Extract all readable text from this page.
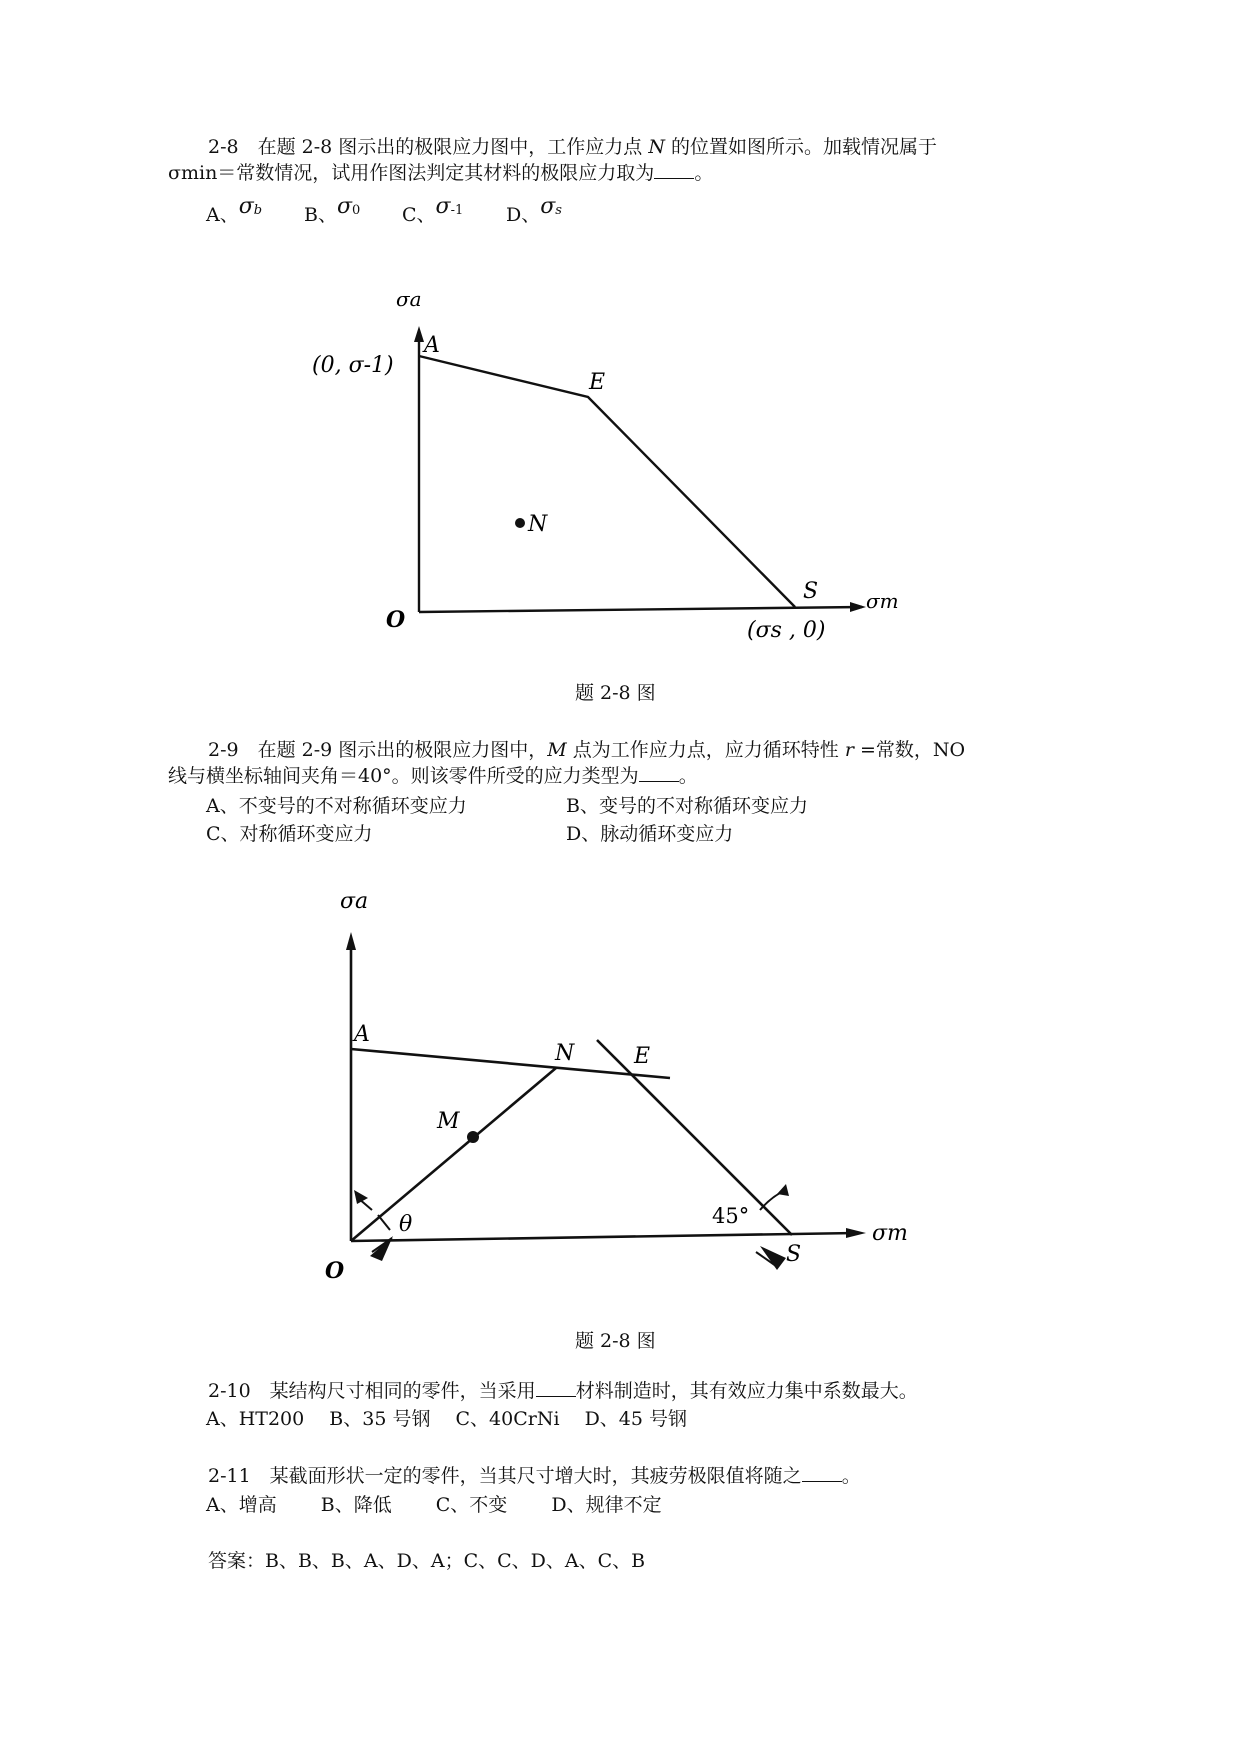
2-8　在题 2-8 图示出的极限应力图中，工作应力点 N 的位置如图所示。加载情况属于
σmin＝常数情况，试用作图法判定其材料的极限应力取为 。
A、$\sigma_b$ B、$\sigma_0$ C、$\sigma_{-1}$ D、$\sigma_s$
σa
A
(0, σ-1)
E
N
S σm
O	(σs , 0)
题 2-8 图
2-9　在题 2-9 图示出的极限应力图中，M 点为工作应力点，应力循环特性 r =常数，NO
线与横坐标轴间夹角＝40°。则该零件所受的应力类型为 。
A、不变号的不对称循环变应力	B、变号的不对称循环变应力
C、对称循环变应力	D、脉动循环变应力
σa
A
N	E
M
θ	45°
S
σm
O
题 2-8 图
2-10　某结构尺寸相同的零件，当采用 材料制造时，其有效应力集中系数最大。
A、HT200　 B、35 号钢　 C、40CrNi　 D、45 号钢
2-11　某截面形状一定的零件，当其尺寸增大时，其疲劳极限值将随之 。
A、增高　　 B、降低　　 C、不变　　 D、规律不定
答案：B、B、B、A、D、A；C、C、D、A、C、B
